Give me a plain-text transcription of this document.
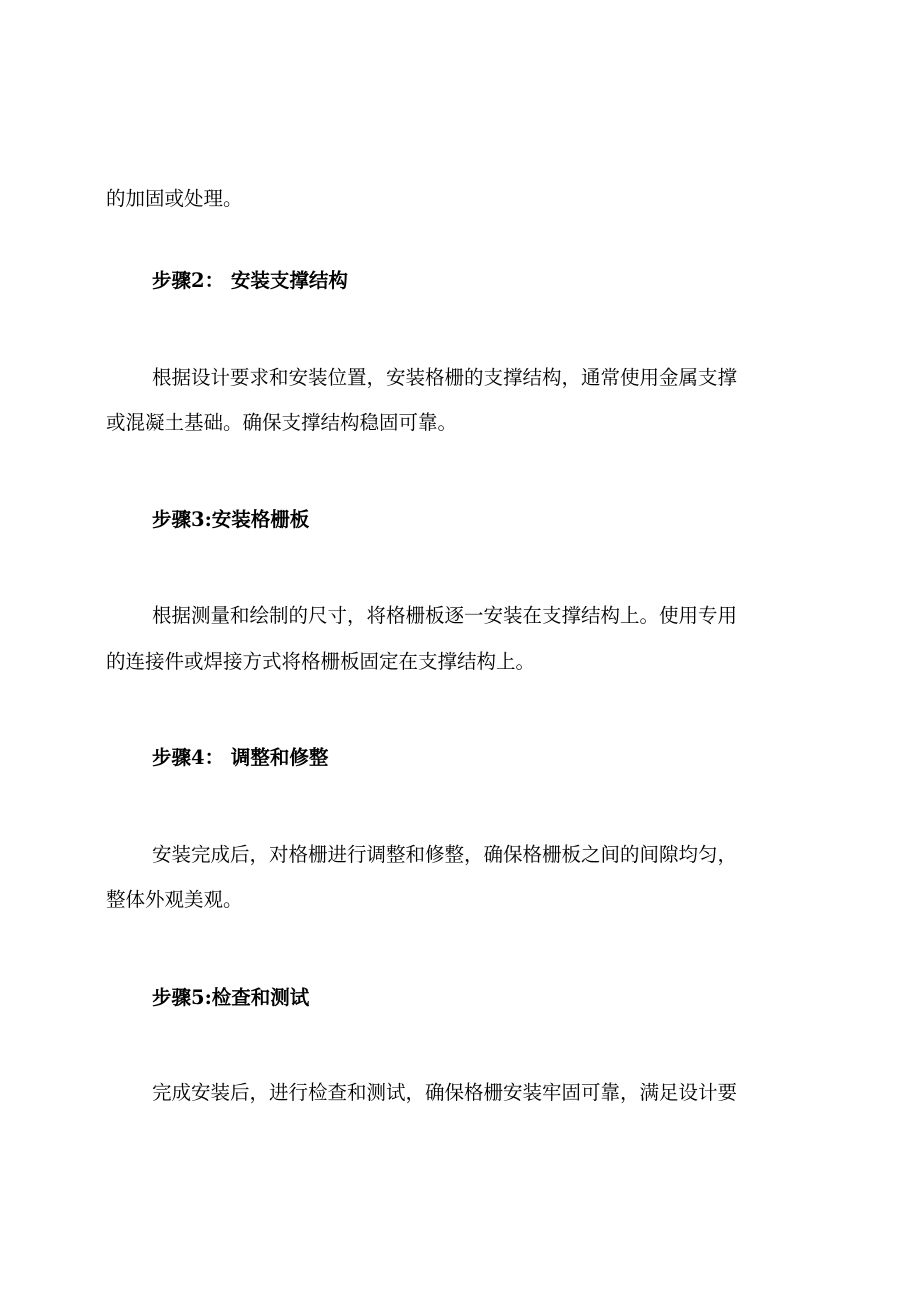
的加固或处理。
步骤2： 安装支撑结构
根据设计要求和安装位置，安装格栅的支撑结构，通常使用金属支撑
或混凝土基础。确保支撑结构稳固可靠。
步骤3:安装格栅板
根据测量和绘制的尺寸，将格栅板逐一安装在支撑结构上。使用专用
的连接件或焊接方式将格栅板固定在支撑结构上。
步骤4： 调整和修整
安装完成后，对格栅进行调整和修整，确保格栅板之间的间隙均匀，
整体外观美观。
步骤5:检查和测试
完成安装后，进行检查和测试，确保格栅安装牢固可靠，满足设计要
